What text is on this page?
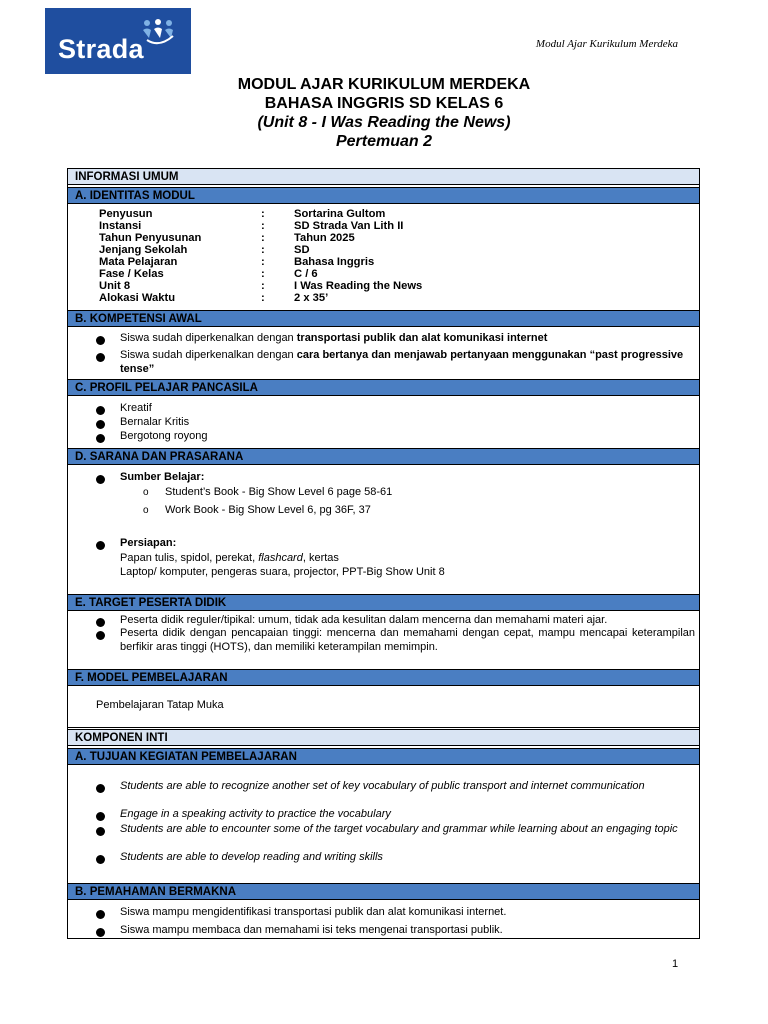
Strada	Modul Ajar Kurikulum Merdeka
MODUL AJAR KURIKULUM MERDEKA
BAHASA INGGRIS SD KELAS 6
(Unit 8 - I Was Reading the News)
Pertemuan 2
INFORMASI UMUM
A. IDENTITAS MODUL
Penyusun	:	Sortarina Gultom
Instansi	:	SD Strada Van Lith II
Tahun Penyusunan	:	Tahun 2025
Jenjang Sekolah	:	SD
Mata Pelajaran	:	Bahasa Inggris
Fase / Kelas	:	C / 6
Unit 8	:	I Was Reading the News
Alokasi Waktu	:	2 x 35’
B. KOMPETENSI AWAL
Siswa sudah diperkenalkan dengan transportasi publik dan alat komunikasi internet
Siswa sudah diperkenalkan dengan cara bertanya dan menjawab pertanyaan menggunakan “past progressive tense”
C. PROFIL PELAJAR PANCASILA
Kreatif
Bernalar Kritis
Bergotong royong
D. SARANA DAN PRASARANA
Sumber Belajar:
o Student’s Book - Big Show Level 6 page 58-61
o Work Book - Big Show Level 6, pg 36F, 37
Persiapan:
Papan tulis, spidol, perekat, flashcard, kertas
Laptop/ komputer, pengeras suara, projector, PPT-Big Show Unit 8
E. TARGET PESERTA DIDIK
Peserta didik reguler/tipikal: umum, tidak ada kesulitan dalam mencerna dan memahami materi ajar.
Peserta didik dengan pencapaian tinggi: mencerna dan memahami dengan cepat, mampu mencapai keterampilan berfikir aras tinggi (HOTS), dan memiliki keterampilan memimpin.
F. MODEL PEMBELAJARAN
Pembelajaran Tatap Muka
KOMPONEN INTI
A. TUJUAN KEGIATAN PEMBELAJARAN
Students are able to recognize another set of key vocabulary of public transport and internet communication
Engage in a speaking activity to practice the vocabulary
Students are able to encounter some of the target vocabulary and grammar while learning about an engaging topic
Students are able to develop reading and writing skills
B. PEMAHAMAN BERMAKNA
Siswa mampu mengidentifikasi transportasi publik dan alat komunikasi internet.
Siswa mampu membaca dan memahami isi teks mengenai transportasi publik.
1
